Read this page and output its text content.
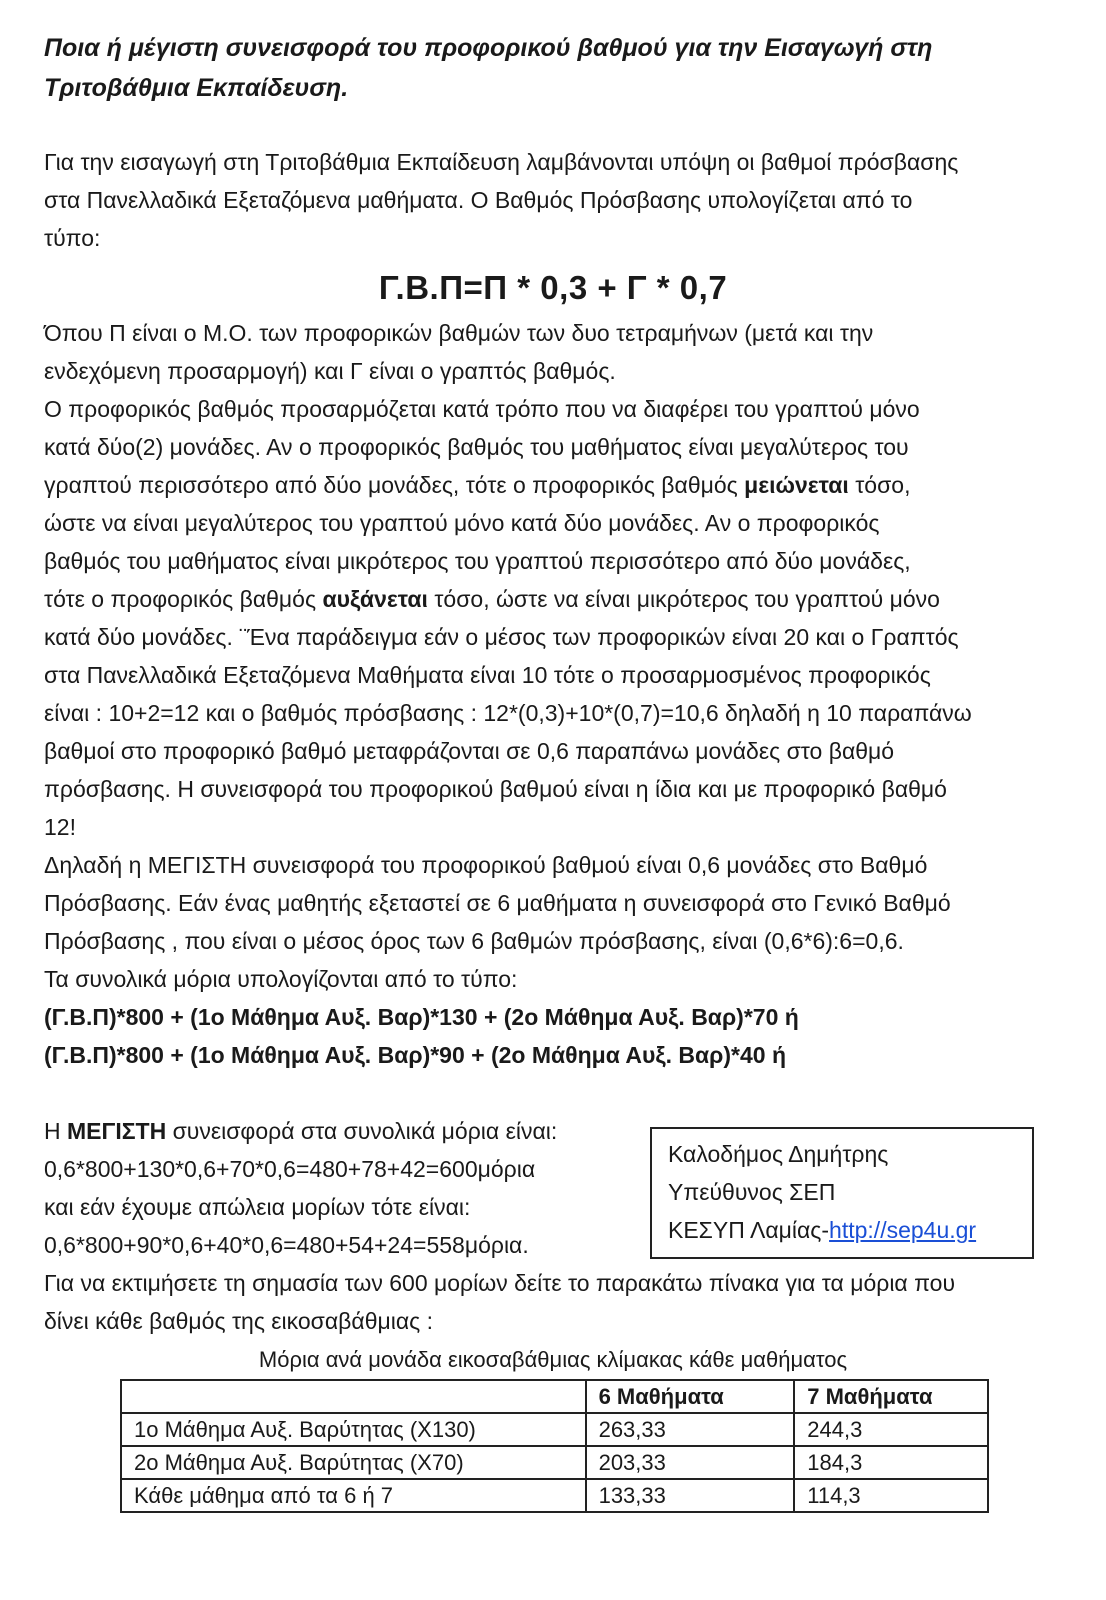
Ποια ή μέγιστη συνεισφορά του προφορικού βαθμού για την Εισαγωγή στη
Τριτοβάθμια Εκπαίδευση.
Για την εισαγωγή στη Τριτοβάθμια Εκπαίδευση λαμβάνονται υπόψη οι βαθμοί πρόσβασης
στα Πανελλαδικά Εξεταζόμενα μαθήματα. Ο Βαθμός Πρόσβασης υπολογίζεται από το
τύπο:
Γ.Β.Π=Π * 0,3 + Γ * 0,7
Όπου Π είναι ο Μ.Ο. των προφορικών βαθμών των δυο τετραμήνων (μετά και την
ενδεχόμενη προσαρμογή) και Γ είναι ο γραπτός βαθμός.
Ο προφορικός βαθμός προσαρμόζεται κατά τρόπο που να διαφέρει του γραπτού μόνο
κατά δύο(2) μονάδες. Αν ο προφορικός βαθμός του μαθήματος είναι μεγαλύτερος του
γραπτού περισσότερο από δύο μονάδες, τότε ο προφορικός βαθμός μειώνεται τόσο,
ώστε να είναι μεγαλύτερος του γραπτού μόνο κατά δύο μονάδες. Αν ο προφορικός
βαθμός του μαθήματος είναι μικρότερος του γραπτού περισσότερο από δύο μονάδες,
τότε ο προφορικός βαθμός αυξάνεται τόσο, ώστε να είναι μικρότερος του γραπτού μόνο
κατά δύο μονάδες. ¨Ένα παράδειγμα εάν ο μέσος των προφορικών είναι 20 και ο Γραπτός
στα Πανελλαδικά Εξεταζόμενα Μαθήματα είναι 10 τότε ο προσαρμοσμένος προφορικός
είναι : 10+2=12 και ο βαθμός πρόσβασης : 12*(0,3)+10*(0,7)=10,6 δηλαδή η 10 παραπάνω
βαθμοί στο προφορικό βαθμό μεταφράζονται σε 0,6 παραπάνω μονάδες στο βαθμό
πρόσβασης. Η συνεισφορά του προφορικού βαθμού είναι η ίδια και με προφορικό βαθμό
12!
Δηλαδή η ΜΕΓΙΣΤΗ συνεισφορά του προφορικού βαθμού είναι 0,6 μονάδες στο Βαθμό
Πρόσβασης. Εάν ένας μαθητής εξεταστεί σε 6 μαθήματα η συνεισφορά στο Γενικό Βαθμό
Πρόσβασης , που είναι ο μέσος όρος των 6 βαθμών πρόσβασης, είναι (0,6*6):6=0,6.
Τα συνολικά μόρια υπολογίζονται από το τύπο:
(Γ.Β.Π)*800 + (1ο Μάθημα Αυξ. Βαρ)*130 + (2ο Μάθημα Αυξ. Βαρ)*70 ή
(Γ.Β.Π)*800 + (1ο Μάθημα Αυξ. Βαρ)*90 + (2ο Μάθημα Αυξ. Βαρ)*40 ή
Η ΜΕΓΙΣΤΗ συνεισφορά στα συνολικά μόρια είναι:
0,6*800+130*0,6+70*0,6=480+78+42=600μόρια
και εάν έχουμε απώλεια μορίων τότε είναι:
0,6*800+90*0,6+40*0,6=480+54+24=558μόρια.
Για να εκτιμήσετε τη σημασία των 600 μορίων δείτε το παρακάτω πίνακα για τα μόρια που
δίνει κάθε βαθμός της εικοσαβάθμιας :
Καλοδήμος Δημήτρης
Υπεύθυνος ΣΕΠ
ΚΕΣΥΠ Λαμίας-http://sep4u.gr
Μόρια ανά μονάδα εικοσαβάθμιας κλίμακας κάθε μαθήματος
	6 Μαθήματα	7 Μαθήματα
1ο Μάθημα Αυξ. Βαρύτητας (Χ130)	263,33	244,3
2ο Μάθημα Αυξ. Βαρύτητας (Χ70)	203,33	184,3
Κάθε μάθημα από τα 6 ή 7	133,33	114,3
